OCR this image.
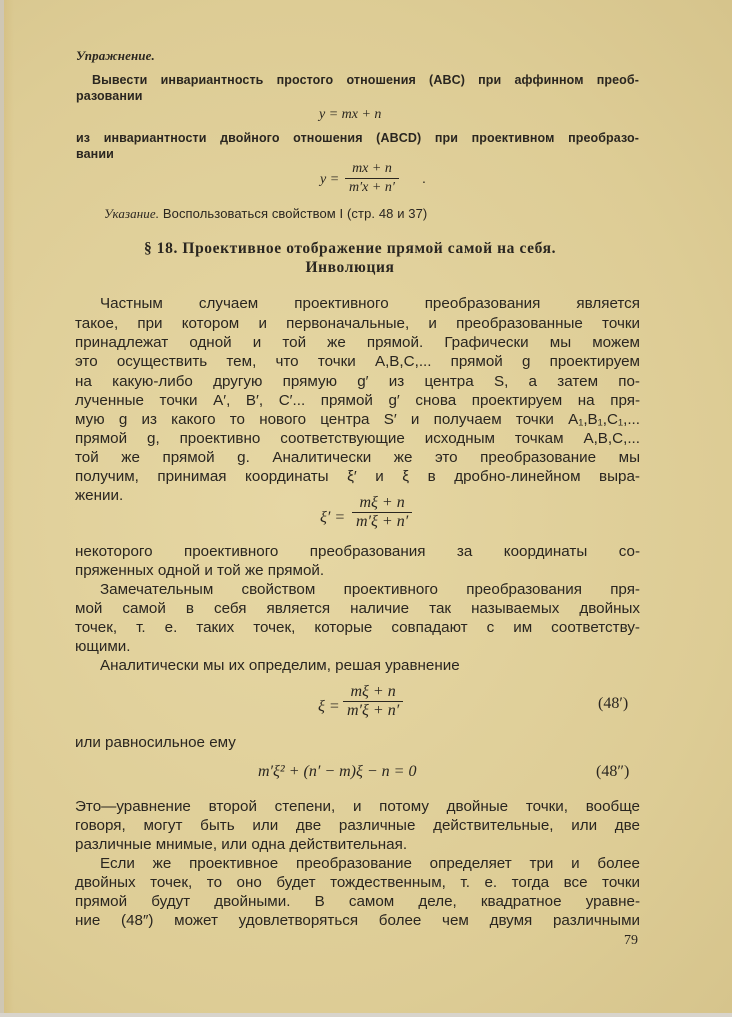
Упражнение.
Вывести инвариантность простого отношения (ABC) при аффинном преоб-
разовании
y = mx + n
из инвариантности двойного отношения (ABCD) при проективном преобразо-
вании
$y = \frac{mx + n}{m'x + n'}$ .
Указание. Воспользоваться свойством I (стр. 48 и 37)
§ 18. Проективное отображение прямой самой на себя.
Инволюция
Частным случаем проективного преобразования является
такое, при котором и первоначальные, и преобразованные точки
принадлежат одной и той же прямой. Графически мы можем
это осуществить тем, что точки A,B,C,... прямой g проектируем
на какую-либо другую прямую g′ из центра S, а затем по-
лученные точки A′, B′, C′... прямой g′ снова проектируем на пря-
мую g из какого то нового центра S′ и получаем точки A₁,B₁,C₁,...
прямой g, проективно соответствующие исходным точкам A,B,C,...
той же прямой g. Аналитически же это преобразование мы
получим, принимая координаты ξ′ и ξ в дробно-линейном выра-
жении.
$\xi' = \frac{m\xi + n}{m'\xi + n'}$
некоторого проективного преобразования за координаты со-
пряженных одной и той же прямой.
Замечательным свойством проективного преобразования пря-
мой самой в себя является наличие так называемых двойных
точек, т. е. таких точек, которые совпадают с им соответству-
ющими.
Аналитически мы их определим, решая уравнение
$\xi = \frac{m\xi + n}{m'\xi + n'}$	(48′)
или равносильное ему
m′ξ² + (n′ − m)ξ − n = 0	(48″)
Это—уравнение второй степени, и потому двойные точки, вообще
говоря, могут быть или две различные действительные, или две
различные мнимые, или одна действительная.
Если же проективное преобразование определяет три и более
двойных точек, то оно будет тождественным, т. е. тогда все точки
прямой будут двойными. В самом деле, квадратное уравне-
ние (48″) может удовлетворяться более чем двумя различными
79
